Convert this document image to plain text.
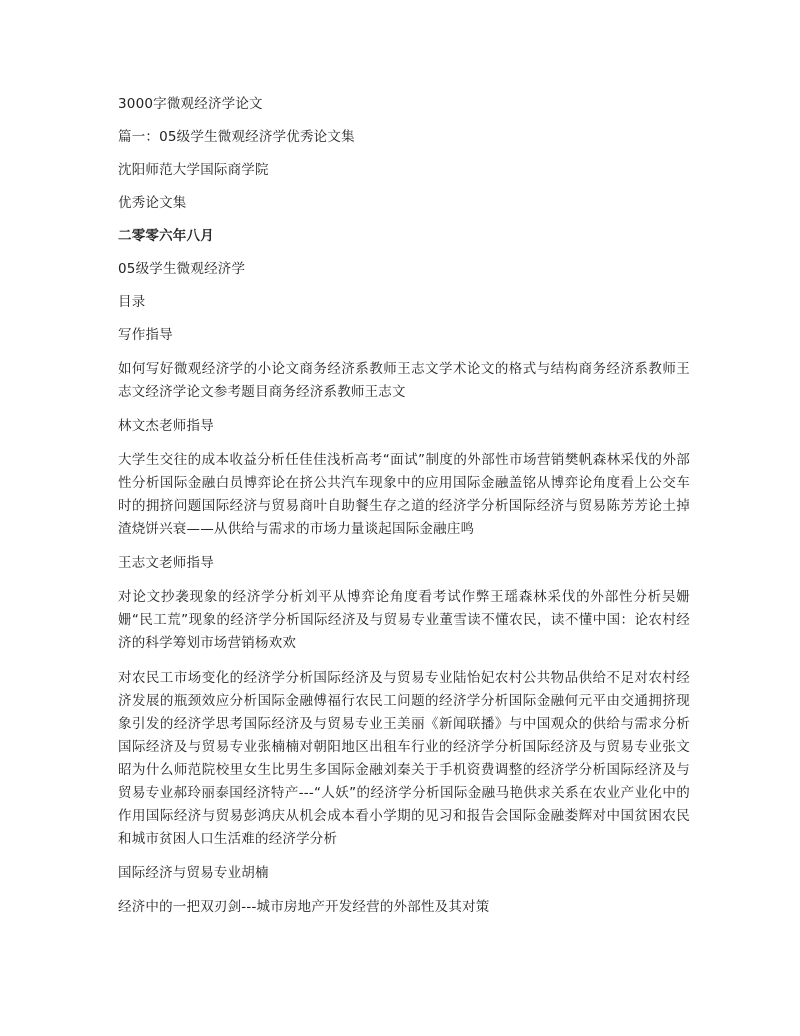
3000字微观经济学论文

篇一：05级学生微观经济学优秀论文集

沈阳师范大学国际商学院

优秀论文集

二零零六年八月

05级学生微观经济学

目录

写作指导

如何写好微观经济学的小论文商务经济系教师王志文学术论文的格式与结构商务经济系教师王志文经济学论文参考题目商务经济系教师王志文

林文杰老师指导

大学生交往的成本收益分析任佳佳浅析高考“面试”制度的外部性市场营销樊帆森林采伐的外部性分析国际金融白员博弈论在挤公共汽车现象中的应用国际金融盖铭从博弈论角度看上公交车时的拥挤问题国际经济与贸易商叶自助餐生存之道的经济学分析国际经济与贸易陈芳芳论土掉渣烧饼兴衰——从供给与需求的市场力量谈起国际金融庄鸣

王志文老师指导

对论文抄袭现象的经济学分析刘平从博弈论角度看考试作弊王瑶森林采伐的外部性分析吴姗姗“民工荒”现象的经济学分析国际经济及与贸易专业董雪读不懂农民，读不懂中国：论农村经济的科学筹划市场营销杨欢欢

对农民工市场变化的经济学分析国际经济及与贸易专业陆怡妃农村公共物品供给不足对农村经济发展的瓶颈效应分析国际金融傅福行农民工问题的经济学分析国际金融何元平由交通拥挤现象引发的经济学思考国际经济及与贸易专业王美丽《新闻联播》与中国观众的供给与需求分析国际经济及与贸易专业张楠楠对朝阳地区出租车行业的经济学分析国际经济及与贸易专业张文昭为什么师范院校里女生比男生多国际金融刘秦关于手机资费调整的经济学分析国际经济及与贸易专业郝玲丽泰国经济特产---“人妖”的经济学分析国际金融马艳供求关系在农业产业化中的作用国际经济与贸易彭鸿庆从机会成本看小学期的见习和报告会国际金融娄辉对中国贫困农民和城市贫困人口生活难的经济学分析

国际经济与贸易专业胡楠

经济中的一把双刃剑---城市房地产开发经营的外部性及其对策
